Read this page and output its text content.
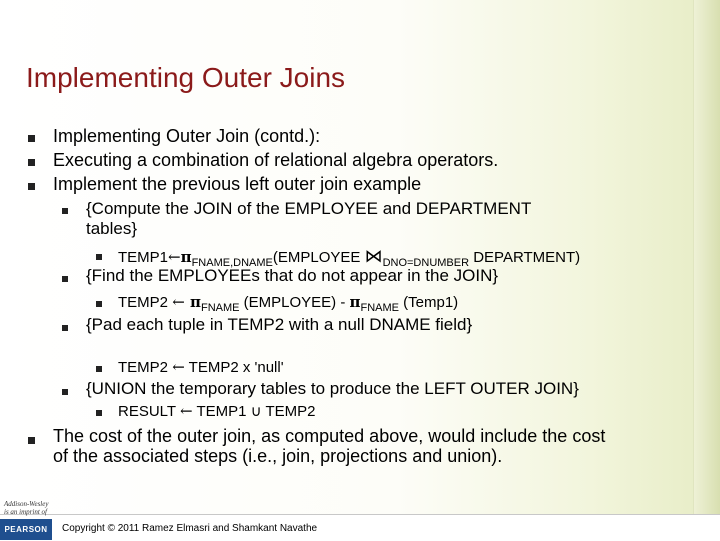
Implementing Outer Joins
Implementing Outer Join (contd.):
Executing a combination of relational algebra operators.
Implement the previous left outer join example
{Compute the JOIN of the EMPLOYEE and DEPARTMENT
tables}
$TEMP1\leftarrow\pi_{FNAME,DNAME}(EMPLOYEE$ $⋈_{DNO=DNUMBER}$ DEPARTMENT)
{Find the EMPLOYEEs that do not appear in the JOIN}
TEMP2 ← $\pi_{FNAME}$ (EMPLOYEE) - $\pi_{FNAME}$ (Temp1)
{Pad each tuple in TEMP2 with a null DNAME field}
TEMP2 ← TEMP2 x 'null'
{UNION the temporary tables to produce the LEFT OUTER JOIN}
RESULT ← TEMP1 ∪ TEMP2
The cost of the outer join, as computed above, would include the cost
of the associated steps (i.e., join, projections and union).
Addison-Wesley
is an imprint of
PEARSON	Copyright © 2011 Ramez Elmasri and Shamkant Navathe
